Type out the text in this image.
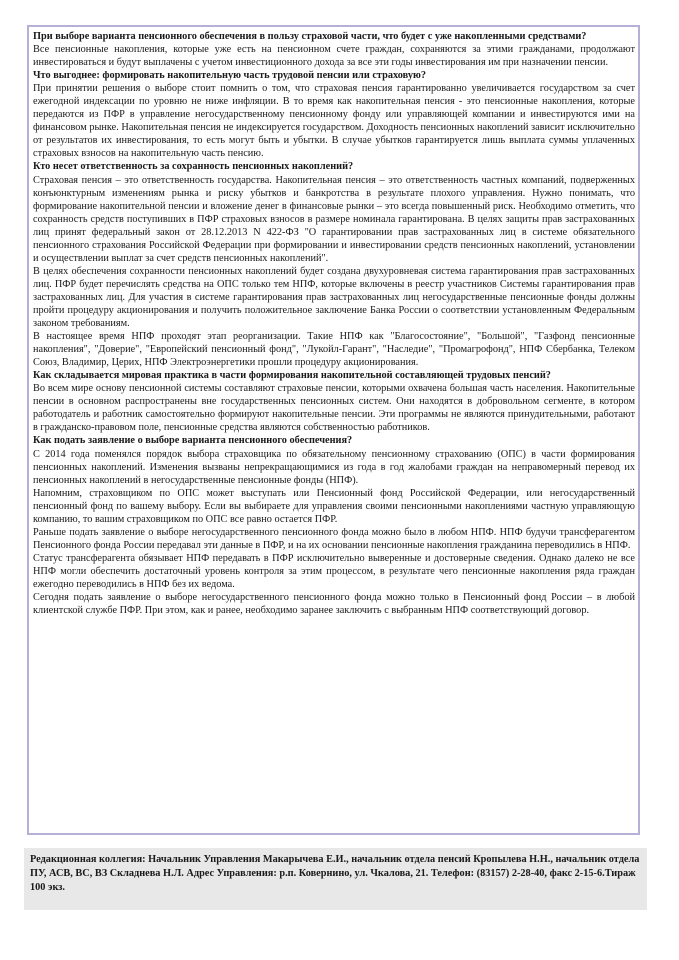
При выборе варианта пенсионного обеспечения в пользу страховой части, что будет с уже накопленными средствами?

Все пенсионные накопления, которые уже есть на пенсионном счете граждан, сохраняются за этими гражданами, продолжают инвестироваться и будут выплачены с учетом инвестиционного дохода за все эти годы инвестирования им при назначении пенсии.

Что выгоднее: формировать накопительную часть трудовой пенсии или страховую?

При принятии решения о выборе стоит помнить о том, что страховая пенсия гарантированно увеличивается государством за счет ежегодной индексации по уровню не ниже инфляции. В то время как накопительная пенсия - это пенсионные накопления, которые передаются из ПФР в управление негосударственному пенсионному фонду или управляющей компании и инвестируются ими на финансовом рынке. Накопительная пенсия не индексируется государством. Доходность пенсионных накоплений зависит исключительно от результатов их инвестирования, то есть могут быть и убытки. В случае убытков гарантируется лишь выплата суммы уплаченных страховых взносов на накопительную часть пенсию.

Кто несет ответственность за сохранность пенсионных накоплений?

Страховая пенсия – это ответственность государства. Накопительная пенсия – это ответственность частных компаний, подверженных конъюнктурным изменениям рынка и риску убытков и банкротства в результате плохого управления. Нужно понимать, что формирование накопительной пенсии и вложение денег в финансовые рынки – это всегда повышенный риск. Необходимо отметить, что сохранность средств поступивших в ПФР страховых взносов в размере номинала гарантирована. В целях защиты прав застрахованных лиц принят федеральный закон от 28.12.2013 N 422-ФЗ "О гарантировании прав застрахованных лиц в системе обязательного пенсионного страхования Российской Федерации при формировании и инвестировании средств пенсионных накоплений, установлении и осуществлении выплат за счет средств пенсионных накоплений".

В целях обеспечения сохранности пенсионных накоплений будет создана двухуровневая система гарантирования прав застрахованных лиц. ПФР будет перечислять средства на ОПС только тем НПФ, которые включены в реестр участников Системы гарантирования прав застрахованных лиц. Для участия в системе гарантирования прав застрахованных лиц негосударственные пенсионные фонды должны пройти процедуру акционирования и получить положительное заключение Банка России о соответствии установленным Федеральным законом требованиям.

В настоящее время НПФ проходят этап реорганизации. Такие НПФ как "Благосостояние", "Большой", "Газфонд пенсионные накопления", "Доверие", "Европейский пенсионный фонд", "Лукойл-Гарант", "Наследие", "Промагрофонд", НПФ Сбербанка, Телеком Союз, Владимир, Церих, НПФ Электроэнергетики прошли процедуру акционирования.

Как складывается мировая практика в части формирования накопительной составляющей трудовых пенсий?

Во всем мире основу пенсионной системы составляют страховые пенсии, которыми охвачена большая часть населения. Накопительные пенсии в основном распространены вне государственных пенсионных систем. Они находятся в добровольном сегменте, в котором работодатель и работник самостоятельно формируют накопительные пенсии. Эти программы не являются принудительными, работают в гражданско-правовом поле, пенсионные средства являются собственностью работников.

Как подать заявление о выборе варианта пенсионного обеспечения?

С 2014 года поменялся порядок выбора страховщика по обязательному пенсионному страхованию (ОПС) в части формирования пенсионных накоплений. Изменения вызваны непрекращающимися из года в год жалобами граждан на неправомерный перевод их пенсионных накоплений в негосударственные пенсионные фонды (НПФ).

Напомним, страховщиком по ОПС может выступать или Пенсионный фонд Российской Федерации, или негосударственный пенсионный фонд по вашему выбору. Если вы выбираете для управления своими пенсионными накоплениями частную управляющую компанию, то вашим страховщиком по ОПС все равно остается ПФР.

Раньше подать заявление о выборе негосударственного пенсионного фонда можно было в любом НПФ. НПФ будучи трансферагентом Пенсионного фонда России передавал эти данные в ПФР, и на их основании пенсионные накопления гражданина переводились в НПФ.

Статус трансферагента обязывает НПФ передавать в ПФР исключительно выверенные и достоверные сведения. Однако далеко не все НПФ могли обеспечить достаточный уровень контроля за этим процессом, в результате чего пенсионные накопления ряда граждан ежегодно переводились в НПФ без их ведома.

Сегодня подать заявление о выборе негосударственного пенсионного фонда можно только в Пенсионный фонд России – в любой клиентской службе ПФР. При этом, как и ранее, необходимо заранее заключить с выбранным НПФ соответствующий договор.

Редакционная коллегия: Начальник Управления Макарычева Е.И., начальник отдела пенсий Кропылева Н.Н., начальник отдела ПУ, АСВ, ВС, ВЗ Складнева Н.Л. Адрес Управления: р.п. Ковернино, ул. Чкалова, 21. Телефон: (83157) 2-28-40, факс 2-15-6.Тираж 100 экз.
